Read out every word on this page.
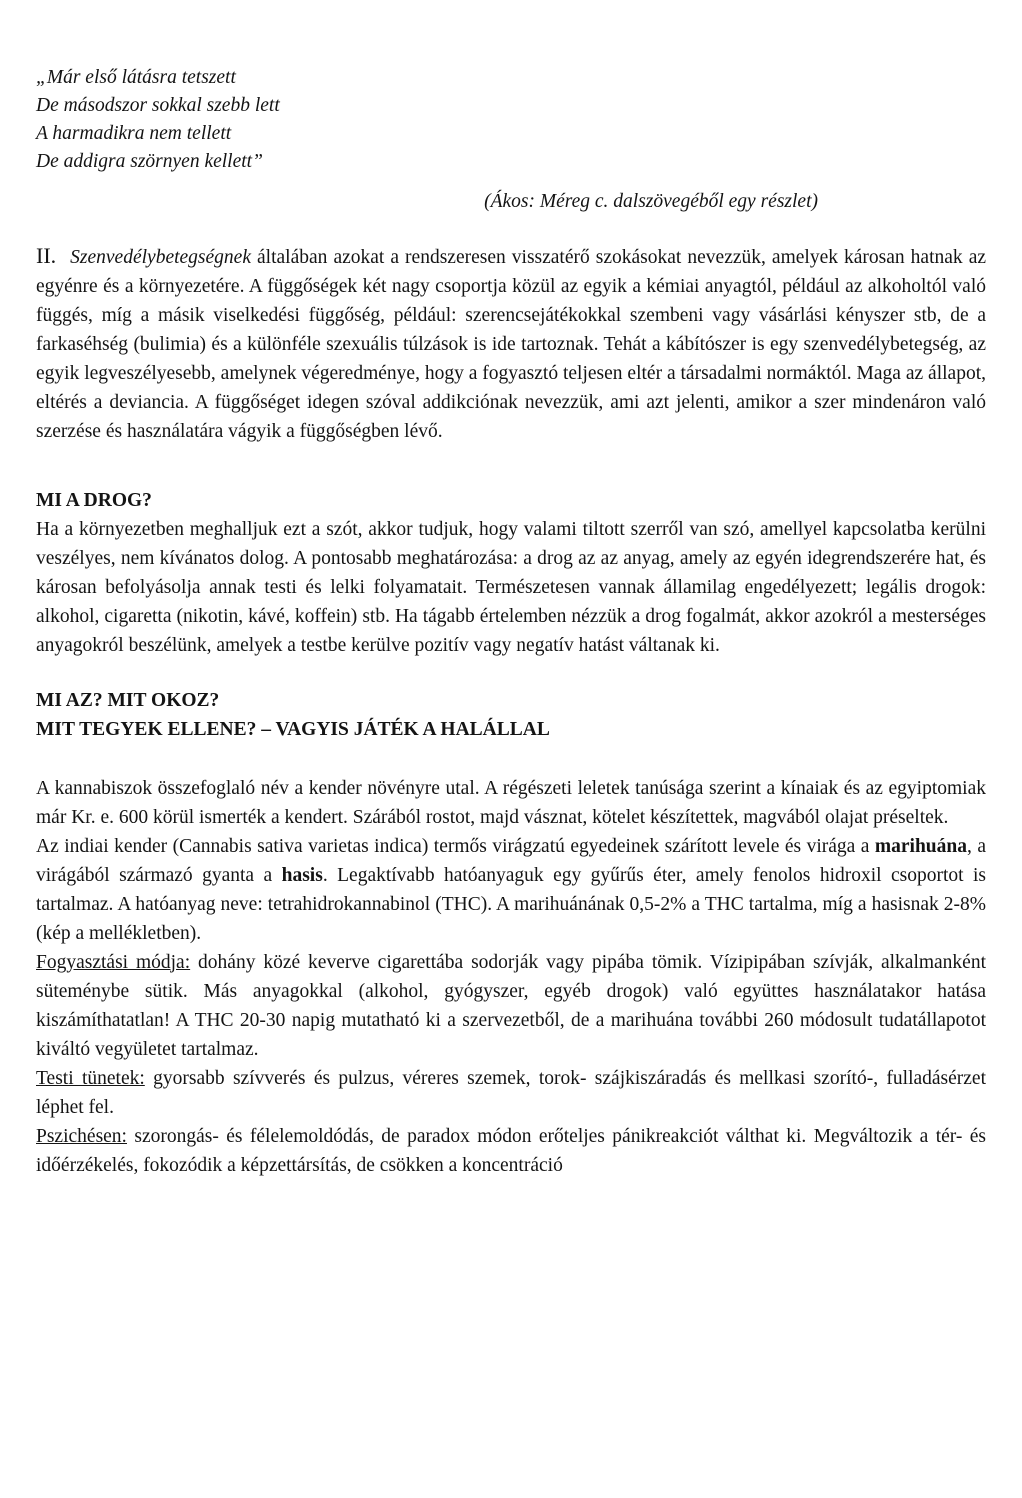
„Már első látásra tetszett
De másodszor sokkal szebb lett
A harmadikra nem tellett
De addigra szörnyen kellett”
(Ákos: Méreg c. dalszövegéből egy részlet)

II. Szenvedélybetegségnek általában azokat a rendszeresen visszatérő szokásokat nevezzük, amelyek károsan hatnak az egyénre és a környezetére. A függőségek két nagy csoportja közül az egyik a kémiai anyagtól, például az alkoholtól való függés, míg a másik viselkedési függőség, például: szerencsejátékokkal szembeni vagy vásárlási kényszer stb, de a farkaséhség (bulimia) és a különféle szexuális túlzások is ide tartoznak. Tehát a kábítószer is egy szenvedélybetegség, az egyik legveszélyesebb, amelynek végeredménye, hogy a fogyasztó teljesen eltér a társadalmi normáktól. Maga az állapot, eltérés a deviancia. A függőséget idegen szóval addikciónak nevezzük, ami azt jelenti, amikor a szer mindenáron való szerzése és használatára vágyik a függőségben lévő.

MI A DROG?

Ha a környezetben meghalljuk ezt a szót, akkor tudjuk, hogy valami tiltott szerről van szó, amellyel kapcsolatba kerülni veszélyes, nem kívánatos dolog. A pontosabb meghatározása: a drog az az anyag, amely az egyén idegrendszerére hat, és károsan befolyásolja annak testi és lelki folyamatait. Természetesen vannak államilag engedélyezett; legális drogok: alkohol, cigaretta (nikotin, kávé, koffein) stb. Ha tágabb értelemben nézzük a drog fogalmát, akkor azokról a mesterséges anyagokról beszélünk, amelyek a testbe kerülve pozitív vagy negatív hatást váltanak ki.

MI AZ? MIT OKOZ?
MIT TEGYEK ELLENE? – VAGYIS JÁTÉK A HALÁLLAL

A kannabiszok összefoglaló név a kender növényre utal. A régészeti leletek tanúsága szerint a kínaiak és az egyiptomiak már Kr. e. 600 körül ismerték a kendert. Szárából rostot, majd vásznat, kötelet készítettek, magvából olajat préseltek.

Az indiai kender (Cannabis sativa varietas indica) termős virágzatú egyedeinek szárított levele és virága a marihuána, a virágából származó gyanta a hasis. Legaktívabb hatóanyaguk egy gyűrűs éter, amely fenolos hidroxil csoportot is tartalmaz. A hatóanyag neve: tetrahidrokannabinol (THC). A marihuánának 0,5-2% a THC tartalma, míg a hasisnak 2-8% (kép a mellékletben).

Fogyasztási módja: dohány közé keverve cigarettába sodorják vagy pipába tömik. Vízipipában szívják, alkalmanként süteménybe sütik. Más anyagokkal (alkohol, gyógyszer, egyéb drogok) való együttes használatakor hatása kiszámíthatatlan! A THC 20-30 napig mutatható ki a szervezetből, de a marihuána további 260 módosult tudatállapotot kiváltó vegyületet tartalmaz.

Testi tünetek: gyorsabb szívverés és pulzus, véreres szemek, torok- szájkiszáradás és mellkasi szorító-, fulladásérzet léphet fel.

Pszichésen: szorongás- és félelemoldódás, de paradox módon erőteljes pánikreakciót válthat ki. Megváltozik a tér- és időérzékelés, fokozódik a képzettársítás, de csökken a koncentráció
